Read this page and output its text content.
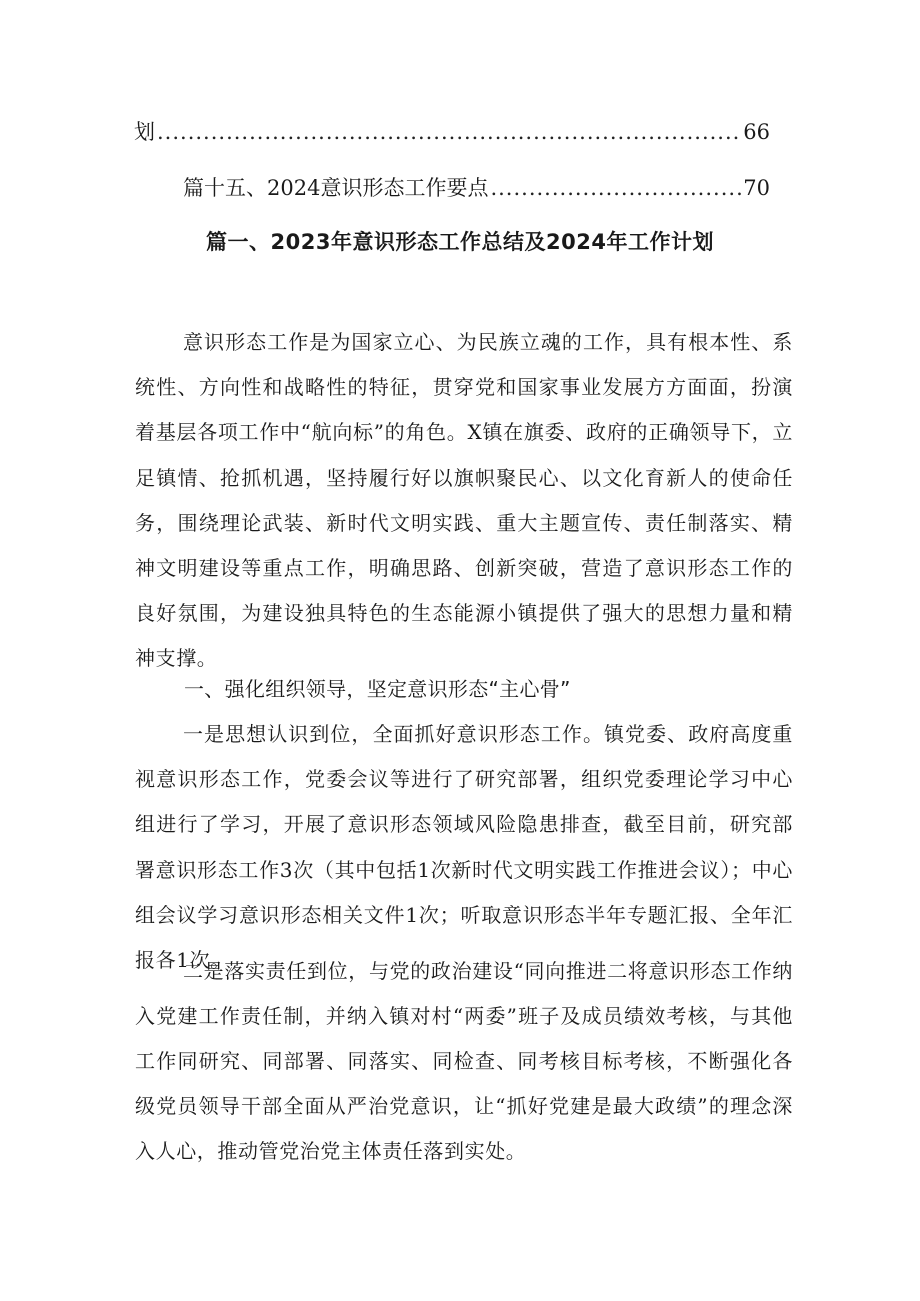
划 .....	66
篇十五、2024意识形态工作要点 .....	70
篇一、2023年意识形态工作总结及2024年工作计划

意识形态工作是为国家立心、为民族立魂的工作，具有根本性、系统性、方向性和战略性的特征，贯穿党和国家事业发展方方面面，扮演着基层各项工作中“航向标”的角色。X镇在旗委、政府的正确领导下，立足镇情、抢抓机遇，坚持履行好以旗帜聚民心、以文化育新人的使命任务，围绕理论武装、新时代文明实践、重大主题宣传、责任制落实、精神文明建设等重点工作，明确思路、创新突破，营造了意识形态工作的良好氛围，为建设独具特色的生态能源小镇提供了强大的思想力量和精神支撑。

一、强化组织领导，坚定意识形态“主心骨”

一是思想认识到位，全面抓好意识形态工作。镇党委、政府高度重视意识形态工作，党委会议等进行了研究部署，组织党委理论学习中心组进行了学习，开展了意识形态领域风险隐患排查，截至目前，研究部署意识形态工作3次（其中包括1次新时代文明实践工作推进会议）；中心组会议学习意识形态相关文件1次；听取意识形态半年专题汇报、全年汇报各1次。

二是落实责任到位，与党的政治建设“同向推进二将意识形态工作纳入党建工作责任制，并纳入镇对村“两委”班子及成员绩效考核，与其他工作同研究、同部署、同落实、同检查、同考核目标考核，不断强化各级党员领导干部全面从严治党意识，让“抓好党建是最大政绩”的理念深入人心，推动管党治党主体责任落到实处。
